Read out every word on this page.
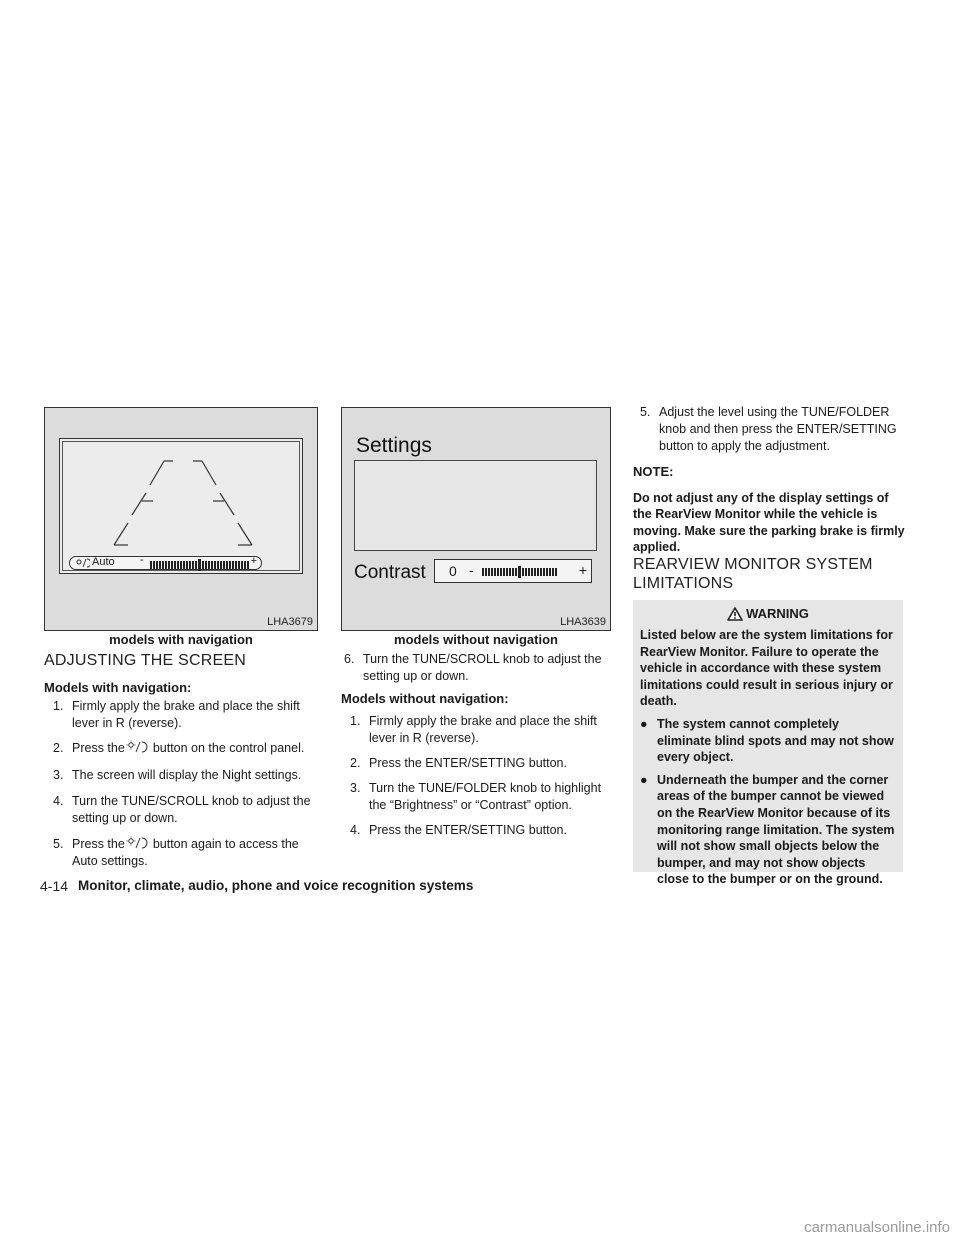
Auto -	+
LHA3679
models with navigation
Settings
Contrast 0 -	+
LHA3639
models without navigation
ADJUSTING THE SCREEN
Models with navigation:
1. Firmly apply the brake and place the shift lever in R (reverse).
2. Press the button on the control panel.
3. The screen will display the Night settings.
4. Turn the TUNE/SCROLL knob to adjust the setting up or down.
5. Press the button again to access the Auto settings.
6. Turn the TUNE/SCROLL knob to adjust the setting up or down.
Models without navigation:
1. Firmly apply the brake and place the shift lever in R (reverse).
2. Press the ENTER/SETTING button.
3. Turn the TUNE/FOLDER knob to highlight the “Brightness” or “Contrast” option.
4. Press the ENTER/SETTING button.
5. Adjust the level using the TUNE/FOLDER knob and then press the ENTER/SETTING button to apply the adjustment.
NOTE:
Do not adjust any of the display settings of the RearView Monitor while the vehicle is moving. Make sure the parking brake is firmly applied.
REARVIEW MONITOR SYSTEM
LIMITATIONS
WARNING

Listed below are the system limitations for RearView Monitor. Failure to operate the vehicle in accordance with these system limitations could result in serious injury or death.

● The system cannot completely eliminate blind spots and may not show every object.
● Underneath the bumper and the corner areas of the bumper cannot be viewed on the RearView Monitor because of its monitoring range limitation. The system will not show small objects below the bumper, and may not show objects close to the bumper or on the ground.
4-14 Monitor, climate, audio, phone and voice recognition systems
carmanualsonline.info
